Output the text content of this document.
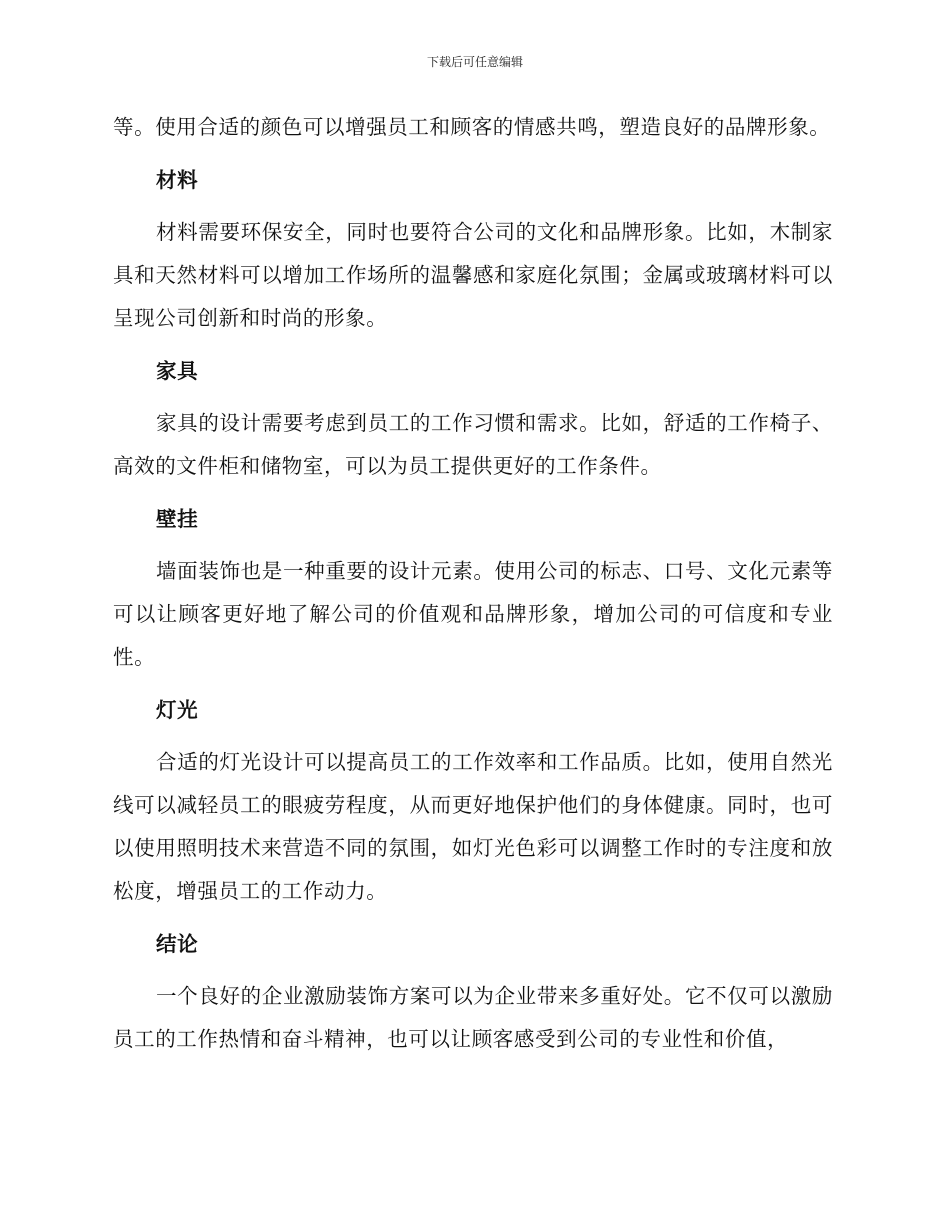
下载后可任意编辑

等。使用合适的颜色可以增强员工和顾客的情感共鸣，塑造良好的品牌形象。

材料

材料需要环保安全，同时也要符合公司的文化和品牌形象。比如，木制家具和天然材料可以增加工作场所的温馨感和家庭化氛围；金属或玻璃材料可以呈现公司创新和时尚的形象。

家具

家具的设计需要考虑到员工的工作习惯和需求。比如，舒适的工作椅子、高效的文件柜和储物室，可以为员工提供更好的工作条件。

壁挂

墙面装饰也是一种重要的设计元素。使用公司的标志、口号、文化元素等可以让顾客更好地了解公司的价值观和品牌形象，增加公司的可信度和专业性。

灯光

合适的灯光设计可以提高员工的工作效率和工作品质。比如，使用自然光线可以减轻员工的眼疲劳程度，从而更好地保护他们的身体健康。同时，也可以使用照明技术来营造不同的氛围，如灯光色彩可以调整工作时的专注度和放松度，增强员工的工作动力。

结论

一个良好的企业激励装饰方案可以为企业带来多重好处。它不仅可以激励员工的工作热情和奋斗精神，也可以让顾客感受到公司的专业性和价值，
